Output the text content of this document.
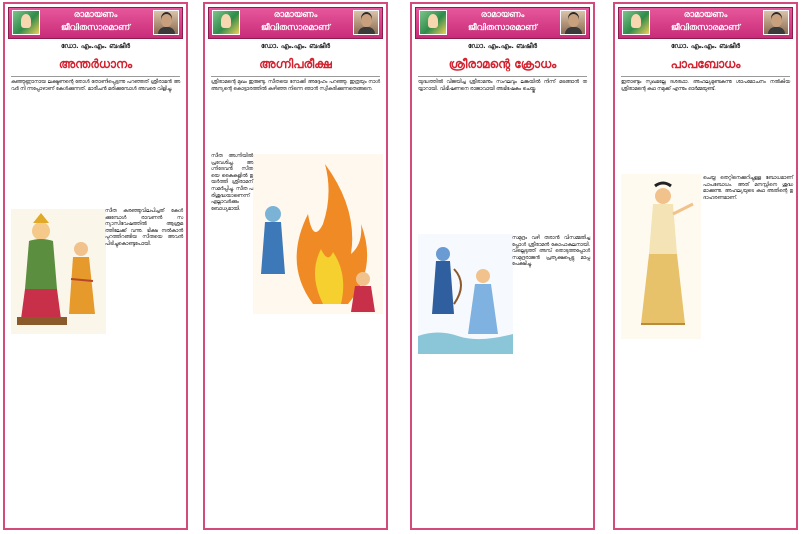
രാമായണം ജീവിതസാരമാണ്
ഡോ. എം.എം. ബഷീർ
അന്തർധാനം
കുഞ്ഞുണ്ണാനായ ലക്ഷ്മണന്റെ തോൾ തോണിപ്പെട്ടന്നു പറഞ്ഞത് ശ്രീരാമൻ അവർ നി ന്നപ്പോഴാണ് കേൾക്കുന്നത്. മാരീചൻ മരിക്കുമ്പോൾ അവരെ വിളിച്ചു.
സീത കരഞ്ഞുവിലപിച്ചത് കേൾക്കുമ്പോൾ രാവണൻ സന്യാസിവേഷത്തിൽ ആശ്രമത്തിലേക്ക് വന്നു. ഭിക്ഷ നൽകാൻ പുറത്തിറങ്ങിയ സീതയെ അവൻ പിടിച്ചുകൊണ്ടുപോയി.
രാമായണം ജീവിതസാരമാണ്
ഡോ. എം.എം. ബഷീർ
അഗ്നിപരീക്ഷ
ശ്രീരാമന്റെ മുഖം ഇരുണ്ടു. സീതയെ നോക്കി അദ്ദേഹം പറഞ്ഞു. ഇത്രയും നാൾ അന്യന്റെ കൊട്ടാരത്തിൽ കഴിഞ്ഞ നിന്നെ ഞാൻ സ്വീകരിക്കുന്നതെങ്ങനെ.
സീത അഗ്നിയിൽ പ്രവേശിച്ചു. അഗ്നിദേവൻ സീതയെ കൈകളിൽ ഉയർത്തി ശ്രീരാമന് സമർപ്പിച്ചു. സീത പരിശുദ്ധയാണെന്ന് എല്ലാവർക്കും ബോധ്യമായി.
രാമായണം ജീവിതസാരമാണ്
ഡോ. എം.എം. ബഷീർ
ശ്രീരാമന്റെ ക്രോധം
യുദ്ധത്തിൽ വിജയിച്ച ശ്രീരാമനും സംഘവും ലങ്കയിൽ നിന്ന് മടങ്ങാൻ തയ്യാറായി. വിഭീഷണനെ രാജാവായി അഭിഷേകം ചെയ്തു.
സമുദ്രം വഴി തരാൻ വിസമ്മതിച്ചപ്പോൾ ശ്രീരാമൻ കോപാകുലനായി. വില്ലെടുത്ത് അമ്പ് തൊടുത്തപ്പോൾ സമുദ്രരാജൻ പ്രത്യക്ഷപ്പെട്ടു മാപ്പപേക്ഷിച്ചു.
രാമായണം ജീവിതസാരമാണ്
ഡോ. എം.എം. ബഷീർ
പാപബോധം
ഇതാണ്ടും സുഖമല്ലേ ദശരഥാ. അഹല്യമുണ്ടകന്നു ശാപമോചനം നൽകിയ ശ്രീരാമന്റെ കഥ നമുക്ക് എന്നും ഓർമ്മയുണ്ട്.
ചെയ്ത തെറ്റിനെക്കുറിച്ചുള്ള ബോധമാണ് പാപബോധം. അത് മനസ്സിനെ ശുദ്ധമാക്കുന്നു. അഹല്യയുടെ കഥ അതിന്റെ ഉദാഹരണമാണ്.
